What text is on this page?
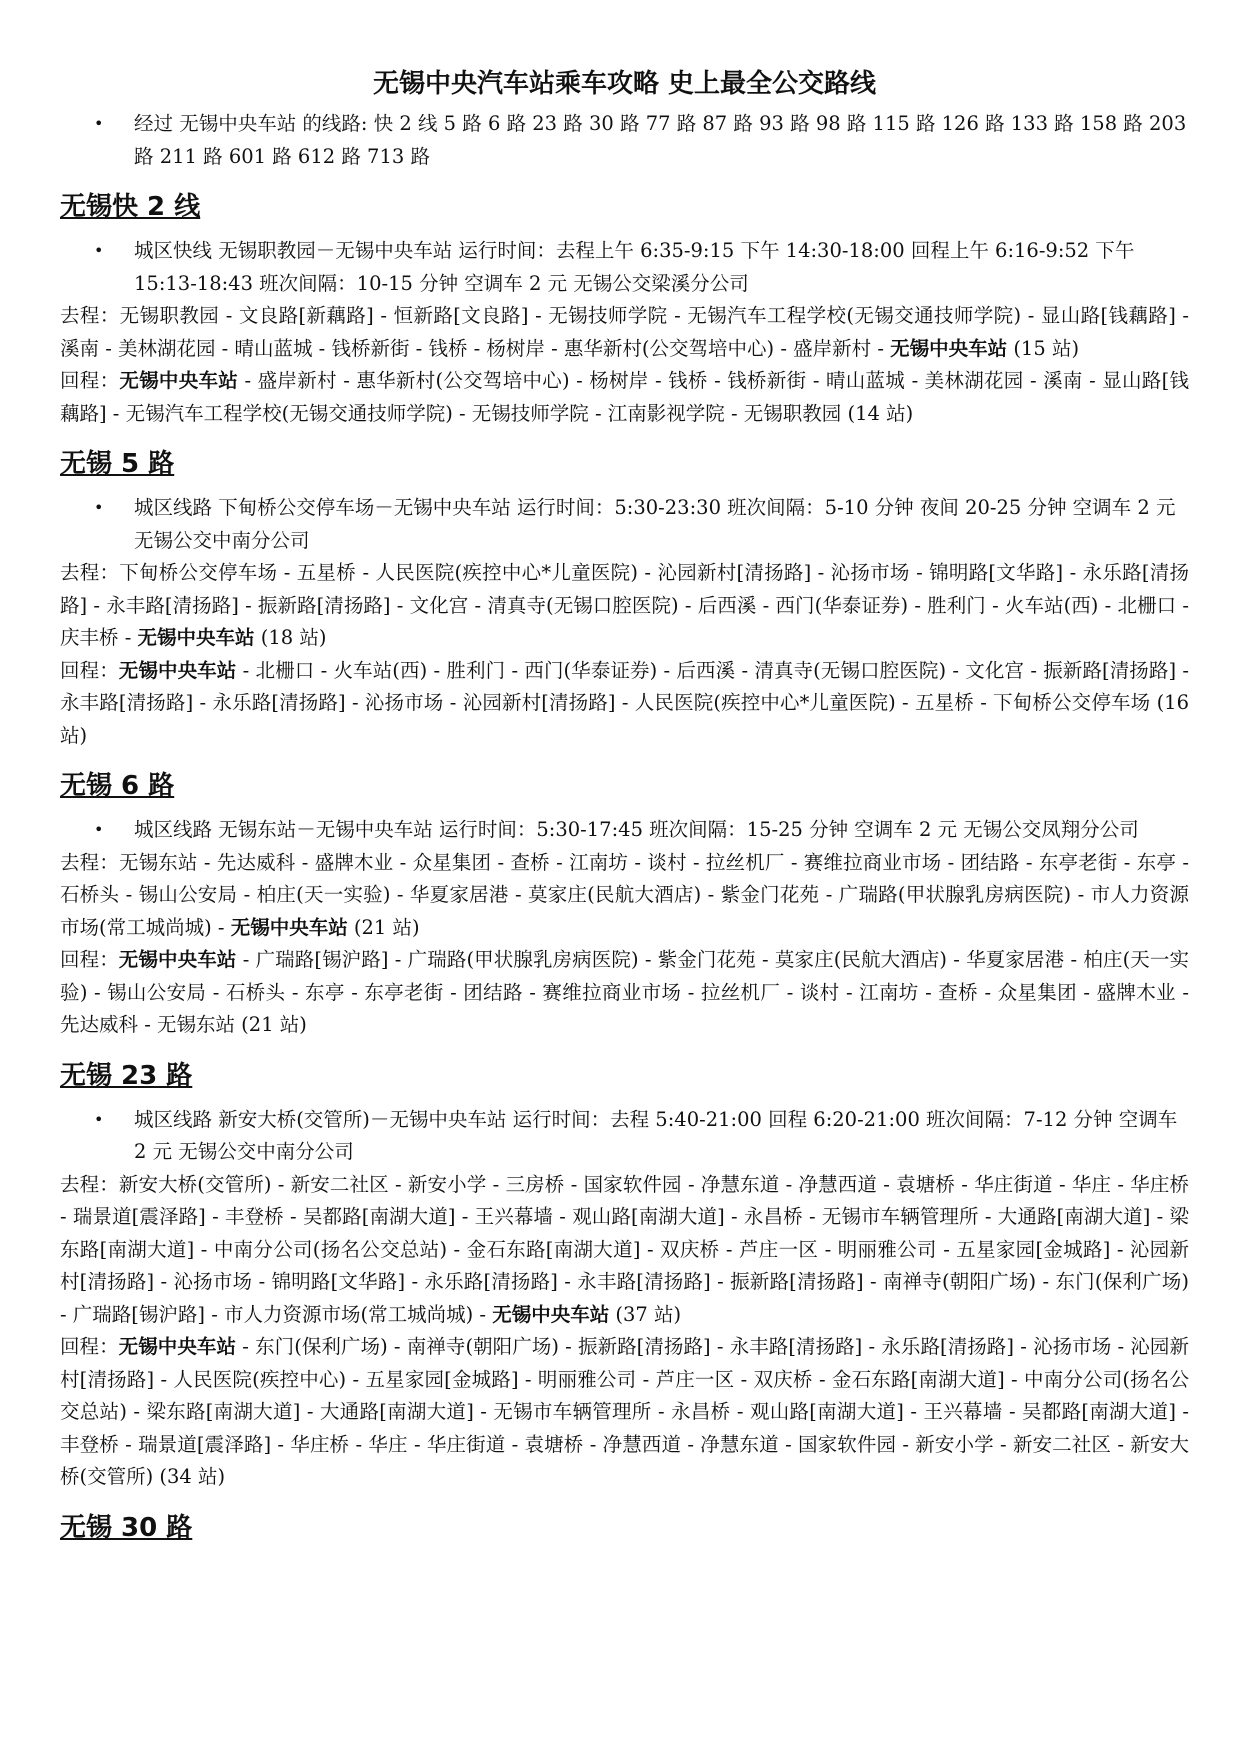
无锡中央汽车站乘车攻略 史上最全公交路线
• 经过 无锡中央车站 的线路: 快 2 线 5 路 6 路 23 路 30 路 77 路 87 路 93 路 98 路 115 路 126 路 133 路 158 路 203 路 211 路 601 路 612 路 713 路
无锡快 2 线
• 城区快线 无锡职教园－无锡中央车站 运行时间：去程上午 6:35-9:15 下午 14:30-18:00 回程上午 6:16-9:52 下午 15:13-18:43 班次间隔：10-15 分钟 空调车 2 元 无锡公交梁溪分公司
去程：无锡职教园 - 文良路[新藕路] - 恒新路[文良路] - 无锡技师学院 - 无锡汽车工程学校(无锡交通技师学院) - 显山路[钱藕路] - 溪南 - 美林湖花园 - 晴山蓝城 - 钱桥新街 - 钱桥 - 杨树岸 - 惠华新村(公交驾培中心) - 盛岸新村 - 无锡中央车站 (15 站)
回程：无锡中央车站 - 盛岸新村 - 惠华新村(公交驾培中心) - 杨树岸 - 钱桥 - 钱桥新街 - 晴山蓝城 - 美林湖花园 - 溪南 - 显山路[钱藕路] - 无锡汽车工程学校(无锡交通技师学院) - 无锡技师学院 - 江南影视学院 - 无锡职教园 (14 站)
无锡 5 路
• 城区线路 下甸桥公交停车场－无锡中央车站 运行时间：5:30-23:30 班次间隔：5-10 分钟 夜间 20-25 分钟 空调车 2 元 无锡公交中南分公司
去程：下甸桥公交停车场 - 五星桥 - 人民医院(疾控中心*儿童医院) - 沁园新村[清扬路] - 沁扬市场 - 锦明路[文华路] - 永乐路[清扬路] - 永丰路[清扬路] - 振新路[清扬路] - 文化宫 - 清真寺(无锡口腔医院) - 后西溪 - 西门(华泰证券) - 胜利门 - 火车站(西) - 北栅口 - 庆丰桥 - 无锡中央车站 (18 站)
回程：无锡中央车站 - 北栅口 - 火车站(西) - 胜利门 - 西门(华泰证券) - 后西溪 - 清真寺(无锡口腔医院) - 文化宫 - 振新路[清扬路] - 永丰路[清扬路] - 永乐路[清扬路] - 沁扬市场 - 沁园新村[清扬路] - 人民医院(疾控中心*儿童医院) - 五星桥 - 下甸桥公交停车场 (16 站)
无锡 6 路
• 城区线路 无锡东站－无锡中央车站 运行时间：5:30-17:45 班次间隔：15-25 分钟 空调车 2 元 无锡公交凤翔分公司
去程：无锡东站 - 先达威科 - 盛牌木业 - 众星集团 - 查桥 - 江南坊 - 谈村 - 拉丝机厂 - 赛维拉商业市场 - 团结路 - 东亭老街 - 东亭 - 石桥头 - 锡山公安局 - 柏庄(天一实验) - 华夏家居港 - 莫家庄(民航大酒店) - 紫金门花苑 - 广瑞路(甲状腺乳房病医院) - 市人力资源市场(常工城尚城) - 无锡中央车站 (21 站)
回程：无锡中央车站 - 广瑞路[锡沪路] - 广瑞路(甲状腺乳房病医院) - 紫金门花苑 - 莫家庄(民航大酒店) - 华夏家居港 - 柏庄(天一实验) - 锡山公安局 - 石桥头 - 东亭 - 东亭老街 - 团结路 - 赛维拉商业市场 - 拉丝机厂 - 谈村 - 江南坊 - 查桥 - 众星集团 - 盛牌木业 - 先达威科 - 无锡东站 (21 站)
无锡 23 路
• 城区线路 新安大桥(交管所)－无锡中央车站 运行时间：去程 5:40-21:00 回程 6:20-21:00 班次间隔：7-12 分钟 空调车 2 元 无锡公交中南分公司
去程：新安大桥(交管所) - 新安二社区 - 新安小学 - 三房桥 - 国家软件园 - 净慧东道 - 净慧西道 - 袁塘桥 - 华庄街道 - 华庄 - 华庄桥 - 瑞景道[震泽路] - 丰登桥 - 吴都路[南湖大道] - 王兴幕墙 - 观山路[南湖大道] - 永昌桥 - 无锡市车辆管理所 - 大通路[南湖大道] - 梁东路[南湖大道] - 中南分公司(扬名公交总站) - 金石东路[南湖大道] - 双庆桥 - 芦庄一区 - 明丽雅公司 - 五星家园[金城路] - 沁园新村[清扬路] - 沁扬市场 - 锦明路[文华路] - 永乐路[清扬路] - 永丰路[清扬路] - 振新路[清扬路] - 南禅寺(朝阳广场) - 东门(保利广场) - 广瑞路[锡沪路] - 市人力资源市场(常工城尚城) - 无锡中央车站 (37 站)
回程：无锡中央车站 - 东门(保利广场) - 南禅寺(朝阳广场) - 振新路[清扬路] - 永丰路[清扬路] - 永乐路[清扬路] - 沁扬市场 - 沁园新村[清扬路] - 人民医院(疾控中心) - 五星家园[金城路] - 明丽雅公司 - 芦庄一区 - 双庆桥 - 金石东路[南湖大道] - 中南分公司(扬名公交总站) - 梁东路[南湖大道] - 大通路[南湖大道] - 无锡市车辆管理所 - 永昌桥 - 观山路[南湖大道] - 王兴幕墙 - 吴都路[南湖大道] - 丰登桥 - 瑞景道[震泽路] - 华庄桥 - 华庄 - 华庄街道 - 袁塘桥 - 净慧西道 - 净慧东道 - 国家软件园 - 新安小学 - 新安二社区 - 新安大桥(交管所) (34 站)
无锡 30 路
